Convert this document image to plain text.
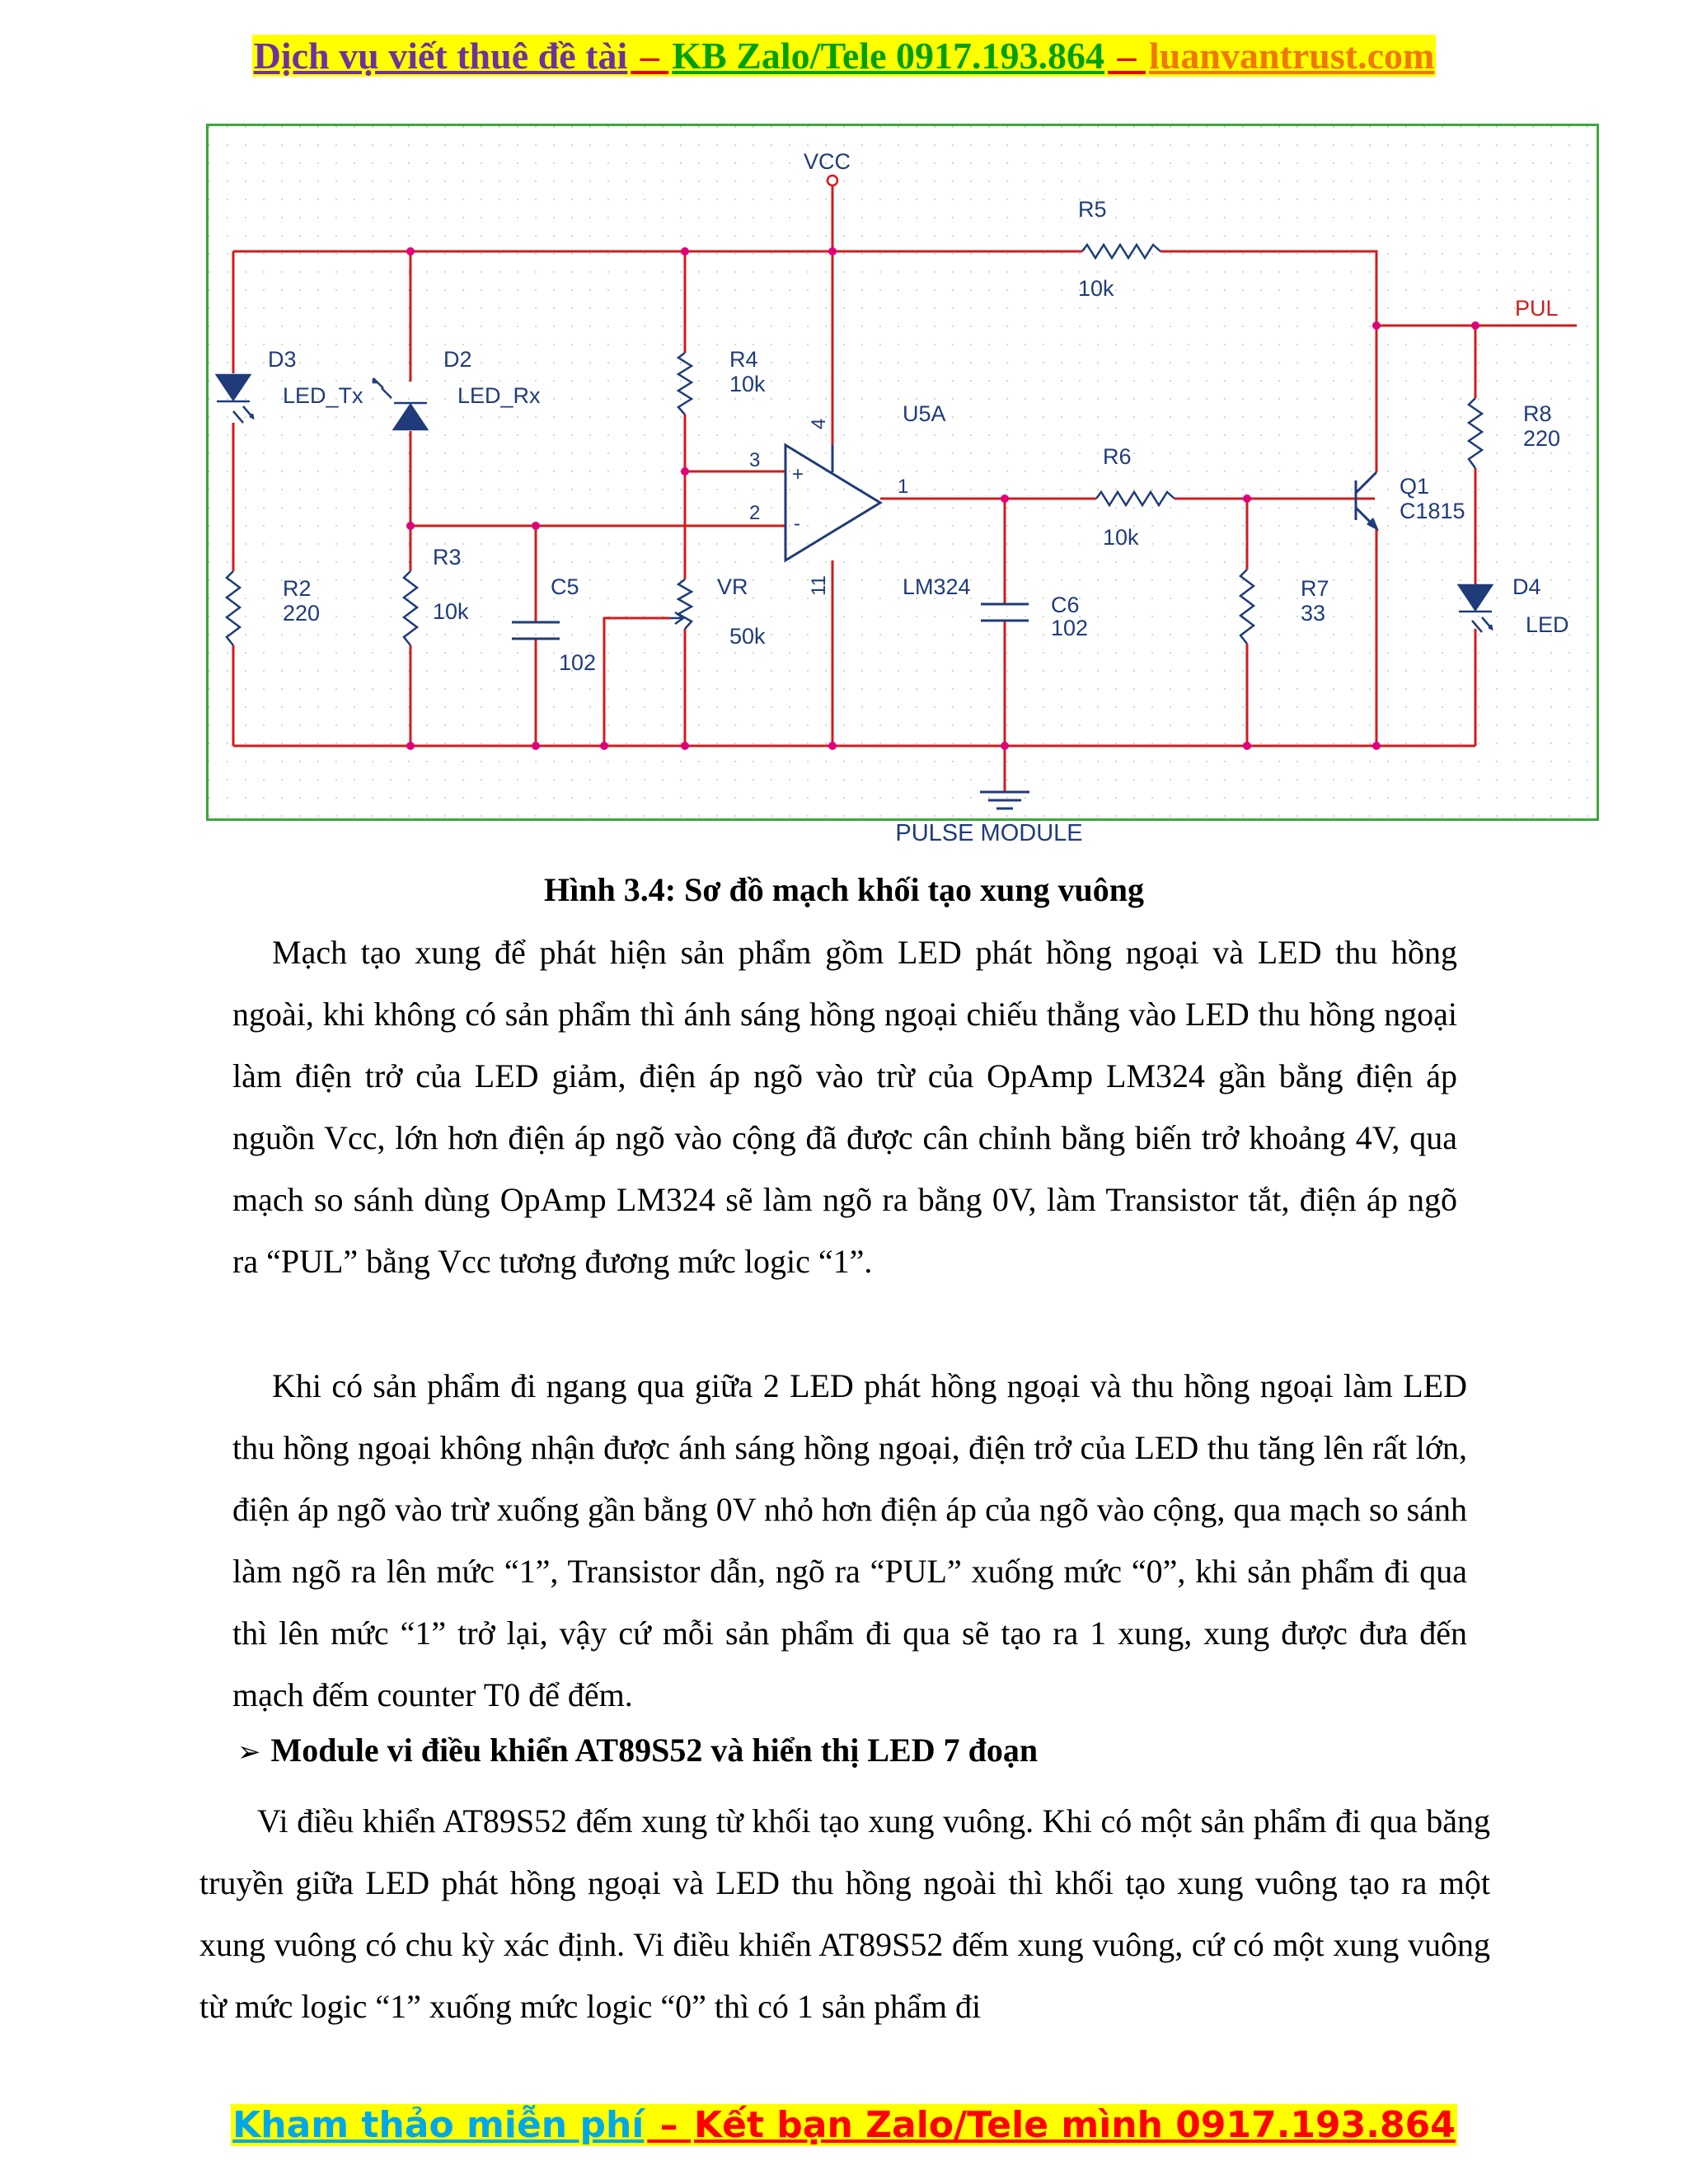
Dịch vụ viết thuê đề tài – KB Zalo/Tele 0917.193.864 – luanvantrust.com
VCC
R5
10k
PUL
D3
LED_Tx
D2
LED_Rx
R4
10k
U5A
4
3
2
1
11
+
-
R6
10k
R8
220
Q1
C1815
R2
220
R3
10k
C5
102
VR
50k
LM324
C6
102
R7
33
D4
LED
PULSE MODULE
Hình 3.4: Sơ đồ mạch khối tạo xung vuông

Mạch tạo xung để phát hiện sản phẩm gồm LED phát hồng ngoại và LED thu hồng ngoài, khi không có sản phẩm thì ánh sáng hồng ngoại chiếu thẳng vào LED thu hồng ngoại làm điện trở của LED giảm, điện áp ngõ vào trừ của OpAmp LM324 gần bằng điện áp nguồn Vcc, lớn hơn điện áp ngõ vào cộng đã được cân chỉnh bằng biến trở khoảng 4V, qua mạch so sánh dùng OpAmp LM324 sẽ làm ngõ ra bằng 0V, làm Transistor tắt, điện áp ngõ ra “PUL” bằng Vcc tương đương mức logic “1”.

Khi có sản phẩm đi ngang qua giữa 2 LED phát hồng ngoại và thu hồng ngoại làm LED thu hồng ngoại không nhận được ánh sáng hồng ngoại, điện trở của LED thu tăng lên rất lớn, điện áp ngõ vào trừ xuống gần bằng 0V nhỏ hơn điện áp của ngõ vào cộng, qua mạch so sánh làm ngõ ra lên mức “1”, Transistor dẫn, ngõ ra “PUL” xuống mức “0”, khi sản phẩm đi qua thì lên mức “1” trở lại, vậy cứ mỗi sản phẩm đi qua sẽ tạo ra 1 xung, xung được đưa đến mạch đếm counter T0 để đếm.

➢ Module vi điều khiển AT89S52 và hiển thị LED 7 đoạn

Vi điều khiển AT89S52 đếm xung từ khối tạo xung vuông. Khi có một sản phẩm đi qua băng truyền giữa LED phát hồng ngoại và LED thu hồng ngoài thì khối tạo xung vuông tạo ra một xung vuông có chu kỳ xác định. Vi điều khiển AT89S52 đếm xung vuông, cứ có một xung vuông từ mức logic “1” xuống mức logic “0” thì có 1 sản phẩm đi

Kham thảo miễn phí – Kết bạn Zalo/Tele mình 0917.193.864
